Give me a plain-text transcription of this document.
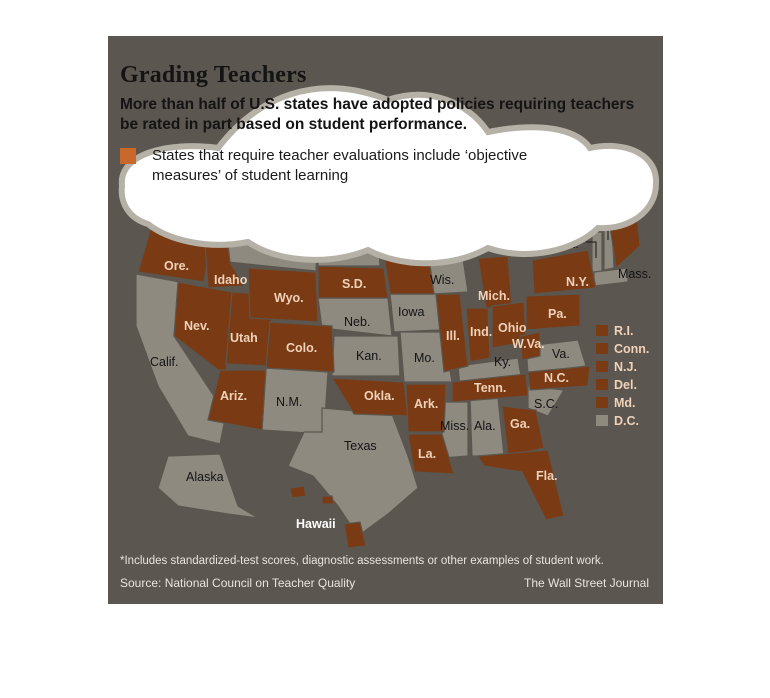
Ore.
Calif.
Idaho
Nev.
Wyo.
Utah
Ariz.
Colo.
N.M.
S.D.
Neb.
Kan.
Okla.
Texas
Iowa
Mo.
Ark.
La.
Wis.
Ill.
Mich.
Ind. Ohio
Ky.
Tenn.
Miss. Ala. Ga.
Fla.
S.C.
N.C.
Va.
W.Va.
Pa.
N.Y.
Mass.
Alaska
Hawaii
R.I.
Conn.
N.J.
Del.
Md.
D.C.
Grading Teachers
More than half of U.S. states have adopted policies requiring teachers be rated in part based on student performance.
States that require teacher evaluations include ‘objective measures’ of student learning
*Includes standardized-test scores, diagnostic assessments or other examples of student work.
Source: National Council on Teacher Quality	The Wall Street Journal
